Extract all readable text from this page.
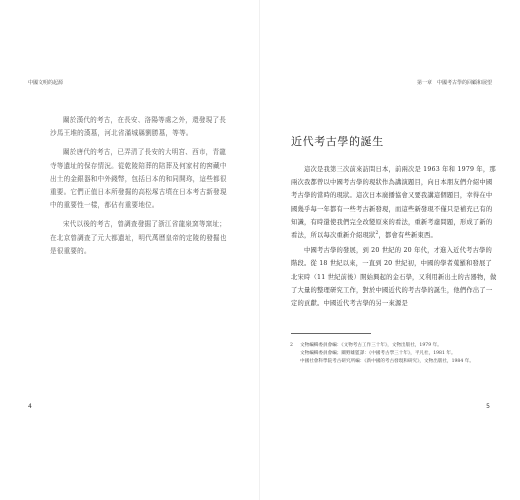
中國文明的起源

關於漢代的考古，在長安、洛陽等處之外，還發現了長沙馬王堆的漢墓，河北省滿城縣劉勝墓，等等。

關於唐代的考古，已弄清了長安的大明宮、西市，青龍寺等遺址的保存情況。從乾陵陪葬的陪葬及何家村的窖藏中出土的金銀器和中外錢幣，包括日本的和同開珎，這些都很重要。它們正值日本所發掘的高松塚古墳在日本考古新發現中的重要性一樣，都佔有重要地位。

宋代以後的考古，曾調查發掘了浙江省龍泉窯等窯址；在北京曾調查了元大都遺址，明代萬曆皇帝的定陵的發掘也是很重要的。

4
第一章　中國考古學的回顧和展望
近代考古學的誕生

這次是我第三次前來訪問日本，前兩次是 1963 年和 1979 年，那兩次我都曾以中國考古學的現狀作為講演題目，向日本朋友們介紹中國考古學的當時的現狀。這次日本廣播協會又要我講這個題目，幸得在中國幾乎每一年都有一些考古新發現，而這些新發現不僅只是補充已有的知識，有時還使我們完全改變原來的看法，重新考慮問題，形成了新的看法，所以每次重新介紹現狀$^2$，都會有些新東西。

中國考古學的發展，到 20 世紀的 20 年代，才進入近代考古學的階段。從 18 世紀以來，一直到 20 世紀初，中國的學者蒐羅和發展了北宋時（11 世紀前後）開始興起的金石學，又利用新出土的古器物，做了大量的整理研究工作，對於中國近代的考古學的誕生，他們作出了一定的貢獻。中國近代考古學的另一來源是

2 文物編輯委員會編：《文物考古工作三十年》，文物出版社，1979 年。
文物編輯委員會編；關野雄監譯：《中國考古學三十年》，平凡社，1981 年。
中國社會科學院考古研究所編：《新中國的考古發現和研究》，文物出版社，1984 年。
5
